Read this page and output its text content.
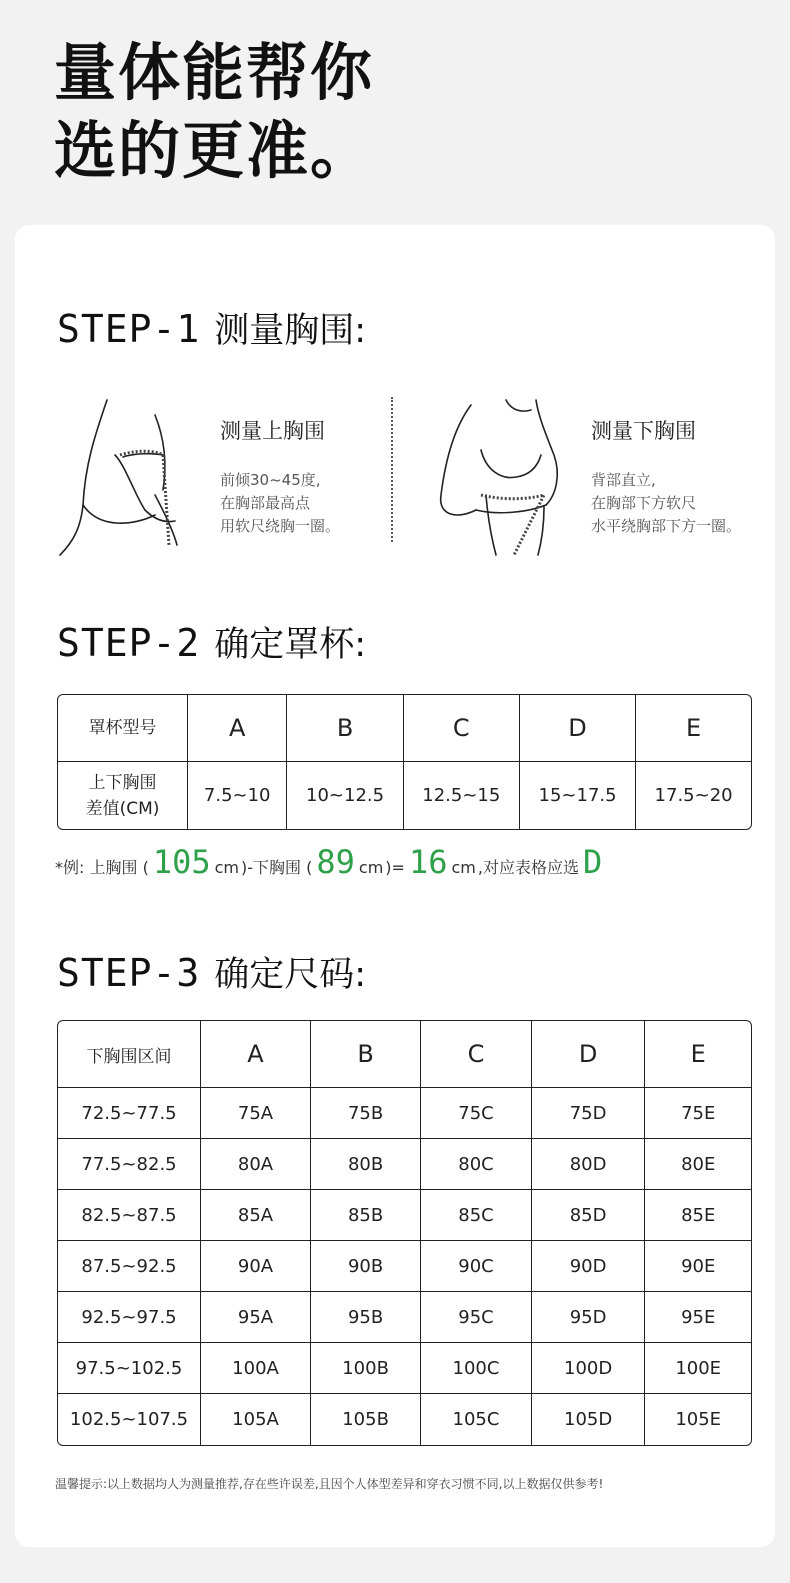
量体能帮你
选的更准。
STEP-1 测量胸围:
测量上胸围
前倾30~45度,
在胸部最高点
用软尺绕胸一圈。
测量下胸围
背部直立,
在胸部下方软尺
水平绕胸部下方一圈。
STEP-2 确定罩杯:
罩杯型号	A	B	C	D	E

上下胸围
差值(CM)	7.5~10	10~12.5	12.5~15	15~17.5	17.5~20
*例: 上胸围 ( 105 cm )-下胸围 ( 89 cm )= 16 cm ,对应表格应选 D
STEP-3 确定尺码:
下胸围区间	A	B	C	D	E
72.5~77.5	75A	75B	75C	75D	75E
77.5~82.5	80A	80B	80C	80D	80E
82.5~87.5	85A	85B	85C	85D	85E
87.5~92.5	90A	90B	90C	90D	90E
92.5~97.5	95A	95B	95C	95D	95E
97.5~102.5	100A	100B	100C	100D	100E
102.5~107.5	105A	105B	105C	105D	105E
温馨提示:以上数据均人为测量推荐,存在些许误差,且因个人体型差异和穿衣习惯不同,以上数据仅供参考!
